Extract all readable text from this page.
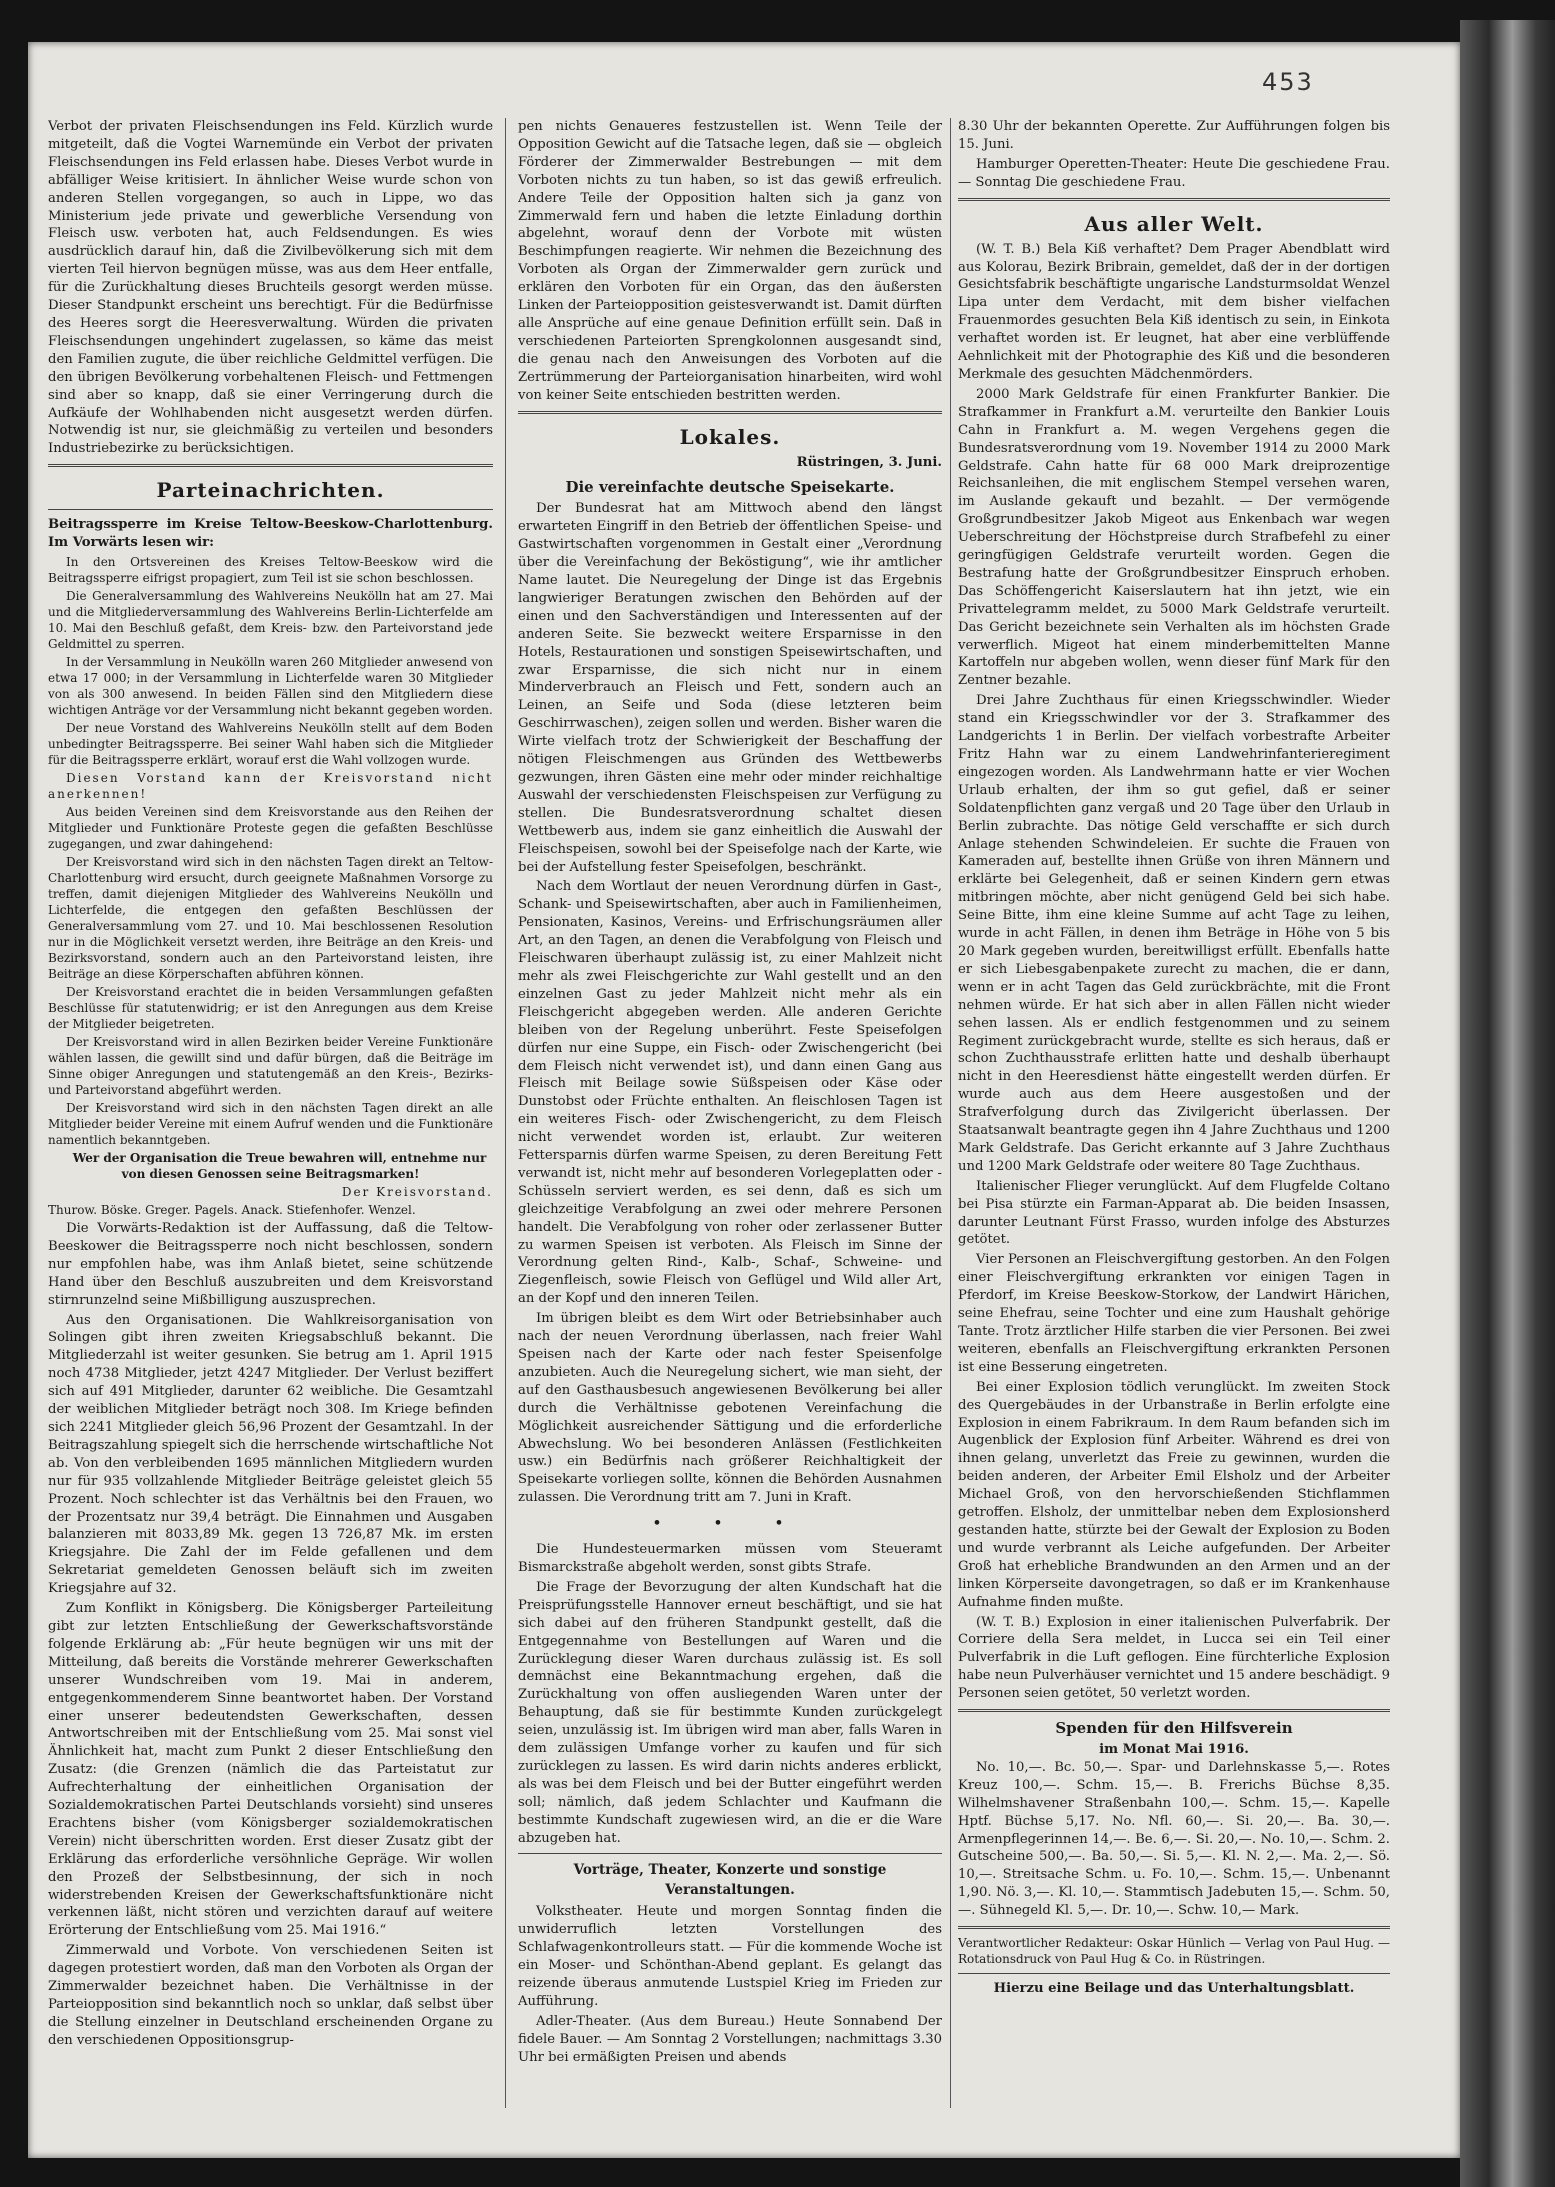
453

Verbot der privaten Fleischsendungen ins Feld. Kürzlich wurde mitgeteilt, daß die Vogtei Warnemünde ein Verbot der privaten Fleischsendungen ins Feld erlassen habe. Dieses Verbot wurde in abfälliger Weise kritisiert. In ähnlicher Weise wurde schon von anderen Stellen vorgegangen, so auch in Lippe, wo das Ministerium jede private und gewerbliche Versendung von Fleisch usw. verboten hat, auch Feldsendungen. Es wies ausdrücklich darauf hin, daß die Zivilbevölkerung sich mit dem vierten Teil hiervon begnügen müsse, was aus dem Heer entfalle, für die Zurückhaltung dieses Bruchteils gesorgt werden müsse. Dieser Standpunkt erscheint uns berechtigt. Für die Bedürfnisse des Heeres sorgt die Heeresverwaltung. Würden die privaten Fleischsendungen ungehindert zugelassen, so käme das meist den Familien zugute, die über reichliche Geldmittel verfügen. Die den übrigen Bevölkerung vorbehaltenen Fleisch- und Fettmengen sind aber so knapp, daß sie einer Verringerung durch die Aufkäufe der Wohlhabenden nicht ausgesetzt werden dürfen. Notwendig ist nur, sie gleichmäßig zu verteilen und besonders Industriebezirke zu berücksichtigen.

Parteinachrichten.

Beitragssperre im Kreise Teltow-Beeskow-Charlottenburg. Im Vorwärts lesen wir:

In den Ortsvereinen des Kreises Teltow-Beeskow wird die Beitragssperre eifrigst propagiert, zum Teil ist sie schon beschlossen.

Die Generalversammlung des Wahlvereins Neukölln hat am 27. Mai und die Mitgliederversammlung des Wahlvereins Berlin-Lichterfelde am 10. Mai den Beschluß gefaßt, dem Kreis- bzw. den Parteivorstand jede Geldmittel zu sperren.

In der Versammlung in Neukölln waren 260 Mitglieder anwesend von etwa 17 000; in der Versammlung in Lichterfelde waren 30 Mitglieder von als 300 anwesend. In beiden Fällen sind den Mitgliedern diese wichtigen Anträge vor der Versammlung nicht bekannt gegeben worden.

Der neue Vorstand des Wahlvereins Neukölln stellt auf dem Boden unbedingter Beitragssperre. Bei seiner Wahl haben sich die Mitglieder für die Beitragssperre erklärt, worauf erst die Wahl vollzogen wurde.

Diesen Vorstand kann der Kreisvorstand nicht anerkennen!

Aus beiden Vereinen sind dem Kreisvorstande aus den Reihen der Mitglieder und Funktionäre Proteste gegen die gefaßten Beschlüsse zugegangen, und zwar dahingehend:

Der Kreisvorstand wird sich in den nächsten Tagen direkt an Teltow-Charlottenburg wird ersucht, durch geeignete Maßnahmen Vorsorge zu treffen, damit diejenigen Mitglieder des Wahlvereins Neukölln und Lichterfelde, die entgegen den gefaßten Beschlüssen der Generalversammlung vom 27. und 10. Mai beschlossenen Resolution nur in die Möglichkeit versetzt werden, ihre Beiträge an den Kreis- und Bezirksvorstand, sondern auch an den Parteivorstand leisten, ihre Beiträge an diese Körperschaften abführen können.

Der Kreisvorstand erachtet die in beiden Versammlungen gefaßten Beschlüsse für statutenwidrig; er ist den Anregungen aus dem Kreise der Mitglieder beigetreten.

Der Kreisvorstand wird in allen Bezirken beider Vereine Funktionäre wählen lassen, die gewillt sind und dafür bürgen, daß die Beiträge im Sinne obiger Anregungen und statutengemäß an den Kreis-, Bezirks- und Parteivorstand abgeführt werden.

Der Kreisvorstand wird sich in den nächsten Tagen direkt an alle Mitglieder beider Vereine mit einem Aufruf wenden und die Funktionäre namentlich bekanntgeben.

Wer der Organisation die Treue bewahren will, entnehme nur von diesen Genossen seine Beitragsmarken!

Der Kreisvorstand.

Thurow. Böske. Greger. Pagels. Anack. Stiefenhofer. Wenzel.

Die Vorwärts-Redaktion ist der Auffassung, daß die Teltow-Beeskower die Beitragssperre noch nicht beschlossen, sondern nur empfohlen habe, was ihm Anlaß bietet, seine schützende Hand über den Beschluß auszubreiten und dem Kreisvorstand stirnrunzelnd seine Mißbilligung auszusprechen.

Aus den Organisationen. Die Wahlkreisorganisation von Solingen gibt ihren zweiten Kriegsabschluß bekannt. Die Mitgliederzahl ist weiter gesunken. Sie betrug am 1. April 1915 noch 4738 Mitglieder, jetzt 4247 Mitglieder. Der Verlust beziffert sich auf 491 Mitglieder, darunter 62 weibliche. Die Gesamtzahl der weiblichen Mitglieder beträgt noch 308. Im Kriege befinden sich 2241 Mitglieder gleich 56,96 Prozent der Gesamtzahl. In der Beitragszahlung spiegelt sich die herrschende wirtschaftliche Not ab. Von den verbleibenden 1695 männlichen Mitgliedern wurden nur für 935 vollzahlende Mitglieder Beiträge geleistet gleich 55 Prozent. Noch schlechter ist das Verhältnis bei den Frauen, wo der Prozentsatz nur 39,4 beträgt. Die Einnahmen und Ausgaben balanzieren mit 8033,89 Mk. gegen 13 726,87 Mk. im ersten Kriegsjahre. Die Zahl der im Felde gefallenen und dem Sekretariat gemeldeten Genossen beläuft sich im zweiten Kriegsjahre auf 32.

Zum Konflikt in Königsberg. Die Königsberger Parteileitung gibt zur letzten Entschließung der Gewerkschaftsvorstände folgende Erklärung ab: „Für heute begnügen wir uns mit der Mitteilung, daß bereits die Vorstände mehrerer Gewerkschaften unserer Wundschreiben vom 19. Mai in anderem, entgegenkommenderem Sinne beantwortet haben. Der Vorstand einer unserer bedeutendsten Gewerkschaften, dessen Antwortschreiben mit der Entschließung vom 25. Mai sonst viel Ähnlichkeit hat, macht zum Punkt 2 dieser Entschließung den Zusatz: (die Grenzen (nämlich die das Parteistatut zur Aufrechterhaltung der einheitlichen Organisation der Sozialdemokratischen Partei Deutschlands vorsieht) sind unseres Erachtens bisher (vom Königsberger sozialdemokratischen Verein) nicht überschritten worden. Erst dieser Zusatz gibt der Erklärung das erforderliche versöhnliche Gepräge. Wir wollen den Prozeß der Selbstbesinnung, der sich in noch widerstrebenden Kreisen der Gewerkschaftsfunktionäre nicht verkennen läßt, nicht stören und verzichten darauf auf weitere Erörterung der Entschließung vom 25. Mai 1916.“

Zimmerwald und Vorbote. Von verschiedenen Seiten ist dagegen protestiert worden, daß man den Vorboten als Organ der Zimmerwalder bezeichnet haben. Die Verhältnisse in der Parteiopposition sind bekanntlich noch so unklar, daß selbst über die Stellung einzelner in Deutschland erscheinenden Organe zu den verschiedenen Oppositionsgrup-

pen nichts Genaueres festzustellen ist. Wenn Teile der Opposition Gewicht auf die Tatsache legen, daß sie — obgleich Förderer der Zimmerwalder Bestrebungen — mit dem Vorboten nichts zu tun haben, so ist das gewiß erfreulich. Andere Teile der Opposition halten sich ja ganz von Zimmerwald fern und haben die letzte Einladung dorthin abgelehnt, worauf denn der Vorbote mit wüsten Beschimpfungen reagierte. Wir nehmen die Bezeichnung des Vorboten als Organ der Zimmerwalder gern zurück und erklären den Vorboten für ein Organ, das den äußersten Linken der Parteiopposition geistesverwandt ist. Damit dürften alle Ansprüche auf eine genaue Definition erfüllt sein. Daß in verschiedenen Parteiorten Sprengkolonnen ausgesandt sind, die genau nach den Anweisungen des Vorboten auf die Zertrümmerung der Parteiorganisation hinarbeiten, wird wohl von keiner Seite entschieden bestritten werden.

Lokales.

Rüstringen, 3. Juni.

Die vereinfachte deutsche Speisekarte.

Der Bundesrat hat am Mittwoch abend den längst erwarteten Eingriff in den Betrieb der öffentlichen Speise- und Gastwirtschaften vorgenommen in Gestalt einer „Verordnung über die Vereinfachung der Beköstigung“, wie ihr amtlicher Name lautet. Die Neuregelung der Dinge ist das Ergebnis langwieriger Beratungen zwischen den Behörden auf der einen und den Sachverständigen und Interessenten auf der anderen Seite. Sie bezweckt weitere Ersparnisse in den Hotels, Restaurationen und sonstigen Speisewirtschaften, und zwar Ersparnisse, die sich nicht nur in einem Minderverbrauch an Fleisch und Fett, sondern auch an Leinen, an Seife und Soda (diese letzteren beim Geschirrwaschen), zeigen sollen und werden. Bisher waren die Wirte vielfach trotz der Schwierigkeit der Beschaffung der nötigen Fleischmengen aus Gründen des Wettbewerbs gezwungen, ihren Gästen eine mehr oder minder reichhaltige Auswahl der verschiedensten Fleischspeisen zur Verfügung zu stellen. Die Bundesratsverordnung schaltet diesen Wettbewerb aus, indem sie ganz einheitlich die Auswahl der Fleischspeisen, sowohl bei der Speisefolge nach der Karte, wie bei der Aufstellung fester Speisefolgen, beschränkt.

Nach dem Wortlaut der neuen Verordnung dürfen in Gast-, Schank- und Speisewirtschaften, aber auch in Familienheimen, Pensionaten, Kasinos, Vereins- und Erfrischungsräumen aller Art, an den Tagen, an denen die Verabfolgung von Fleisch und Fleischwaren überhaupt zulässig ist, zu einer Mahlzeit nicht mehr als zwei Fleischgerichte zur Wahl gestellt und an den einzelnen Gast zu jeder Mahlzeit nicht mehr als ein Fleischgericht abgegeben werden. Alle anderen Gerichte bleiben von der Regelung unberührt. Feste Speisefolgen dürfen nur eine Suppe, ein Fisch- oder Zwischengericht (bei dem Fleisch nicht verwendet ist), und dann einen Gang aus Fleisch mit Beilage sowie Süßspeisen oder Käse oder Dunstobst oder Früchte enthalten. An fleischlosen Tagen ist ein weiteres Fisch- oder Zwischengericht, zu dem Fleisch nicht verwendet worden ist, erlaubt. Zur weiteren Fettersparnis dürfen warme Speisen, zu deren Bereitung Fett verwandt ist, nicht mehr auf besonderen Vorlegeplatten oder -Schüsseln serviert werden, es sei denn, daß es sich um gleichzeitige Verabfolgung an zwei oder mehrere Personen handelt. Die Verabfolgung von roher oder zerlassener Butter zu warmen Speisen ist verboten. Als Fleisch im Sinne der Verordnung gelten Rind-, Kalb-, Schaf-, Schweine- und Ziegenfleisch, sowie Fleisch von Geflügel und Wild aller Art, an der Kopf und den inneren Teilen.

Im übrigen bleibt es dem Wirt oder Betriebsinhaber auch nach der neuen Verordnung überlassen, nach freier Wahl Speisen nach der Karte oder nach fester Speisenfolge anzubieten. Auch die Neuregelung sichert, wie man sieht, der auf den Gasthausbesuch angewiesenen Bevölkerung bei aller durch die Verhältnisse gebotenen Vereinfachung die Möglichkeit ausreichender Sättigung und die erforderliche Abwechslung. Wo bei besonderen Anlässen (Festlichkeiten usw.) ein Bedürfnis nach größerer Reichhaltigkeit der Speisekarte vorliegen sollte, können die Behörden Ausnahmen zulassen. Die Verordnung tritt am 7. Juni in Kraft.

• • •

Die Hundesteuermarken müssen vom Steueramt Bismarckstraße abgeholt werden, sonst gibts Strafe.

Die Frage der Bevorzugung der alten Kundschaft hat die Preisprüfungsstelle Hannover erneut beschäftigt, und sie hat sich dabei auf den früheren Standpunkt gestellt, daß die Entgegennahme von Bestellungen auf Waren und die Zurücklegung dieser Waren durchaus zulässig ist. Es soll demnächst eine Bekanntmachung ergehen, daß die Zurückhaltung von offen ausliegenden Waren unter der Behauptung, daß sie für bestimmte Kunden zurückgelegt seien, unzulässig ist. Im übrigen wird man aber, falls Waren in dem zulässigen Umfange vorher zu kaufen und für sich zurücklegen zu lassen. Es wird darin nichts anderes erblickt, als was bei dem Fleisch und bei der Butter eingeführt werden soll; nämlich, daß jedem Schlachter und Kaufmann die bestimmte Kundschaft zugewiesen wird, an die er die Ware abzugeben hat.

Vorträge, Theater, Konzerte und sonstige Veranstaltungen.

Volkstheater. Heute und morgen Sonntag finden die unwiderruflich letzten Vorstellungen des Schlafwagenkontrolleurs statt. — Für die kommende Woche ist ein Moser- und Schönthan-Abend geplant. Es gelangt das reizende überaus anmutende Lustspiel Krieg im Frieden zur Aufführung.

Adler-Theater. (Aus dem Bureau.) Heute Sonnabend Der fidele Bauer. — Am Sonntag 2 Vorstellungen; nachmittags 3.30 Uhr bei ermäßigten Preisen und abends

8.30 Uhr der bekannten Operette. Zur Aufführungen folgen bis 15. Juni.

Hamburger Operetten-Theater: Heute Die geschiedene Frau. — Sonntag Die geschiedene Frau.

Aus aller Welt.

(W. T. B.) Bela Kiß verhaftet? Dem Prager Abendblatt wird aus Kolorau, Bezirk Bribrain, gemeldet, daß der in der dortigen Gesichtsfabrik beschäftigte ungarische Landsturmsoldat Wenzel Lipa unter dem Verdacht, mit dem bisher vielfachen Frauenmordes gesuchten Bela Kiß identisch zu sein, in Einkota verhaftet worden ist. Er leugnet, hat aber eine verblüffende Aehnlichkeit mit der Photographie des Kiß und die besonderen Merkmale des gesuchten Mädchenmörders.

2000 Mark Geldstrafe für einen Frankfurter Bankier. Die Strafkammer in Frankfurt a.M. verurteilte den Bankier Louis Cahn in Frankfurt a. M. wegen Vergehens gegen die Bundesratsverordnung vom 19. November 1914 zu 2000 Mark Geldstrafe. Cahn hatte für 68 000 Mark dreiprozentige Reichsanleihen, die mit englischem Stempel versehen waren, im Auslande gekauft und bezahlt. — Der vermögende Großgrundbesitzer Jakob Migeot aus Enkenbach war wegen Ueberschreitung der Höchstpreise durch Strafbefehl zu einer geringfügigen Geldstrafe verurteilt worden. Gegen die Bestrafung hatte der Großgrundbesitzer Einspruch erhoben. Das Schöffengericht Kaiserslautern hat ihn jetzt, wie ein Privattelegramm meldet, zu 5000 Mark Geldstrafe verurteilt. Das Gericht bezeichnete sein Verhalten als im höchsten Grade verwerflich. Migeot hat einem minderbemittelten Manne Kartoffeln nur abgeben wollen, wenn dieser fünf Mark für den Zentner bezahle.

Drei Jahre Zuchthaus für einen Kriegsschwindler. Wieder stand ein Kriegsschwindler vor der 3. Strafkammer des Landgerichts 1 in Berlin. Der vielfach vorbestrafte Arbeiter Fritz Hahn war zu einem Landwehrinfanterieregiment eingezogen worden. Als Landwehrmann hatte er vier Wochen Urlaub erhalten, der ihm so gut gefiel, daß er seiner Soldatenpflichten ganz vergaß und 20 Tage über den Urlaub in Berlin zubrachte. Das nötige Geld verschaffte er sich durch Anlage stehenden Schwindeleien. Er suchte die Frauen von Kameraden auf, bestellte ihnen Grüße von ihren Männern und erklärte bei Gelegenheit, daß er seinen Kindern gern etwas mitbringen möchte, aber nicht genügend Geld bei sich habe. Seine Bitte, ihm eine kleine Summe auf acht Tage zu leihen, wurde in acht Fällen, in denen ihm Beträge in Höhe von 5 bis 20 Mark gegeben wurden, bereitwilligst erfüllt. Ebenfalls hatte er sich Liebesgabenpakete zurecht zu machen, die er dann, wenn er in acht Tagen das Geld zurückbrächte, mit die Front nehmen würde. Er hat sich aber in allen Fällen nicht wieder sehen lassen. Als er endlich festgenommen und zu seinem Regiment zurückgebracht wurde, stellte es sich heraus, daß er schon Zuchthausstrafe erlitten hatte und deshalb überhaupt nicht in den Heeresdienst hätte eingestellt werden dürfen. Er wurde auch aus dem Heere ausgestoßen und der Strafverfolgung durch das Zivilgericht überlassen. Der Staatsanwalt beantragte gegen ihn 4 Jahre Zuchthaus und 1200 Mark Geldstrafe. Das Gericht erkannte auf 3 Jahre Zuchthaus und 1200 Mark Geldstrafe oder weitere 80 Tage Zuchthaus.

Italienischer Flieger verunglückt. Auf dem Flugfelde Coltano bei Pisa stürzte ein Farman-Apparat ab. Die beiden Insassen, darunter Leutnant Fürst Frasso, wurden infolge des Absturzes getötet.

Vier Personen an Fleischvergiftung gestorben. An den Folgen einer Fleischvergiftung erkrankten vor einigen Tagen in Pferdorf, im Kreise Beeskow-Storkow, der Landwirt Härichen, seine Ehefrau, seine Tochter und eine zum Haushalt gehörige Tante. Trotz ärztlicher Hilfe starben die vier Personen. Bei zwei weiteren, ebenfalls an Fleischvergiftung erkrankten Personen ist eine Besserung eingetreten.

Bei einer Explosion tödlich verunglückt. Im zweiten Stock des Quergebäudes in der Urbanstraße in Berlin erfolgte eine Explosion in einem Fabrikraum. In dem Raum befanden sich im Augenblick der Explosion fünf Arbeiter. Während es drei von ihnen gelang, unverletzt das Freie zu gewinnen, wurden die beiden anderen, der Arbeiter Emil Elsholz und der Arbeiter Michael Groß, von den hervorschießenden Stichflammen getroffen. Elsholz, der unmittelbar neben dem Explosionsherd gestanden hatte, stürzte bei der Gewalt der Explosion zu Boden und wurde verbrannt als Leiche aufgefunden. Der Arbeiter Groß hat erhebliche Brandwunden an den Armen und an der linken Körperseite davongetragen, so daß er im Krankenhause Aufnahme finden mußte.

(W. T. B.) Explosion in einer italienischen Pulverfabrik. Der Corriere della Sera meldet, in Lucca sei ein Teil einer Pulverfabrik in die Luft geflogen. Eine fürchterliche Explosion habe neun Pulverhäuser vernichtet und 15 andere beschädigt. 9 Personen seien getötet, 50 verletzt worden.

Spenden für den Hilfsverein
im Monat Mai 1916.

No. 10,—. Bc. 50,—. Spar- und Darlehnskasse 5,—. Rotes Kreuz 100,—. Schm. 15,—. B. Frerichs Büchse 8,35. Wilhelmshavener Straßenbahn 100,—. Schm. 15,—. Kapelle Hptf. Büchse 5,17. No. Nfl. 60,—. Si. 20,—. Ba. 30,—. Armenpflegerinnen 14,—. Be. 6,—. Si. 20,—. No. 10,—. Schm. 2. Gutscheine 500,—. Ba. 50,—. Si. 5,—. Kl. N. 2,—. Ma. 2,—. Sö. 10,—. Streitsache Schm. u. Fo. 10,—. Schm. 15,—. Unbenannt 1,90. Nö. 3,—. Kl. 10,—. Stammtisch Jadebuten 15,—. Schm. 50,—. Sühnegeld Kl. 5,—. Dr. 10,—. Schw. 10,— Mark.

Verantwortlicher Redakteur: Oskar Hünlich — Verlag von Paul Hug. — Rotationsdruck von Paul Hug & Co. in Rüstringen.

Hierzu eine Beilage und das Unterhaltungsblatt.
